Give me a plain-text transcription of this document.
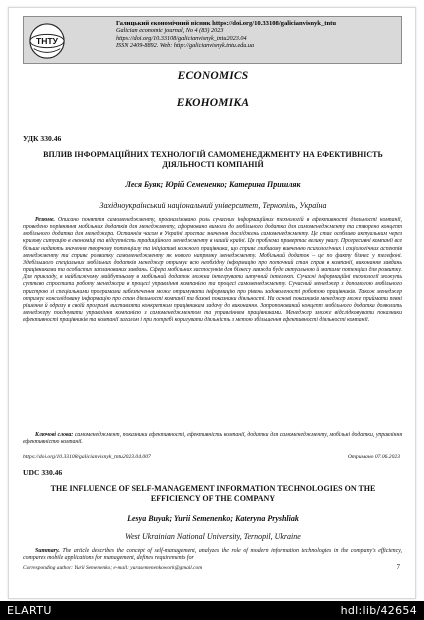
ТНТУ
Галицький економічний вісник https://doi.org/10.33108/galicianvisnyk_tntu
Galician economic journal, No 4 (83) 2023
https://doi.org/10.33108/galicianvisnyk_tntu2023.04
ISSN 2409-8892. Web: http://galicianvisnyk.tntu.edu.ua
ECONOMICS
ЕКОНОМІКА
УДК 330.46
ВПЛИВ ІНФОРМАЦІЙНИХ ТЕХНОЛОГІЙ САМОМЕНЕДЖМЕНТУ НА ЕФЕКТИВНІСТЬ ДІЯЛЬНОСТІ КОМПАНІЙ
Леся Буяк; Юрій Семененко; Катерина Пришляк
Західноукраїнський національний університет, Тернопіль, Україна
Резюме. Описано поняття самоменеджменту, проаналізовано роль сучасних інформаційних технологій в ефективності діяльності компанії, проведено порівняння мобільних додатків для менеджменту, сформовано вимоги до мобільного додатка для самоменеджменту та створено концепт мобільного додатка для менеджера. Останнім часом в Україні зростає значення досліджень самоменеджменту. Це стає особливо актуальним через кризову ситуацію в економіці та відсутність традиційного менеджменту в нашій країні. Ця проблема привертає велику увагу. Прогресивні компанії все більше надають значення творчому потенціалу та ініціативі кожного працівника, що сприяє глибшому вивченню психологічних і соціологічних аспектів менеджменту та сприяє розвитку самоменеджменту як нового напрямку менеджменту. Мобільний додаток – це по факту бізнес у телефоні. Здебільшого спеціальних мобільних додатків менеджер отримує всю необхідну інформацію про поточний стан справ в компанії, виконання завдань працівниками та особистих запланованих завдань. Сфера мобільних застосунків для бізнесу завжди буде актуальною й матиме потенціал для розвитку. Для прикладу, в найближчому майбутньому в мобільний додаток можна інтегрувати штучний інтелект. Сучасні інформаційні технології можуть суттєво спростити роботу менеджера в процесі управління компанією та процесі самоменеджменту. Сучасний менеджер з допомогою мобільного пристрою зі спеціальними програмами забезпечення може отримувати інформацію про рівень задоволеності роботою працівників. Також менеджер отримує консолідовану інформацію про стан діяльності компанії та базові показники діяльності. На основі показників менеджер може приймати певні рішення й одразу в своїй програмі виставляти конкретним працівникам задачу до виконання. Запропонований концепт мобільного додатка дозволить менеджеру поєднувати управління компанією з самоменеджментом та управлінням працівниками. Менеджер зможе відслідковувати показники ефективності працівників та компанії загалом і при потребі коригувати діяльність з метою збільшення ефективності діяльності компанії.
Ключові слова: самоменеджмент, показники ефективності, ефективність компанії, додатки для самоменеджменту, мобільні додатки, управління ефективністю компанії.
https://doi.org/10.33108/galicianvisnyk_tntu2023.04.007	Отримано 07.06.2023
UDC 330.46
THE INFLUENCE OF SELF-MANAGEMENT INFORMATION TECHNOLOGIES ON THE EFFICIENCY OF THE COMPANY
Lesya Buyak; Yurii Semenenko; Kateryna Pryshliak
West Ukrainian National University, Ternopil, Ukraine
Summary. The article describes the concept of self-management, analyzes the role of modern information technologies in the company's efficiency, compares mobile applications for management, defines requirements for
Corresponding author: Yurii Semenenko; e-mail: yurasemenenkowork@gmail.com	7
ELARTU	hdl:lib/42654
